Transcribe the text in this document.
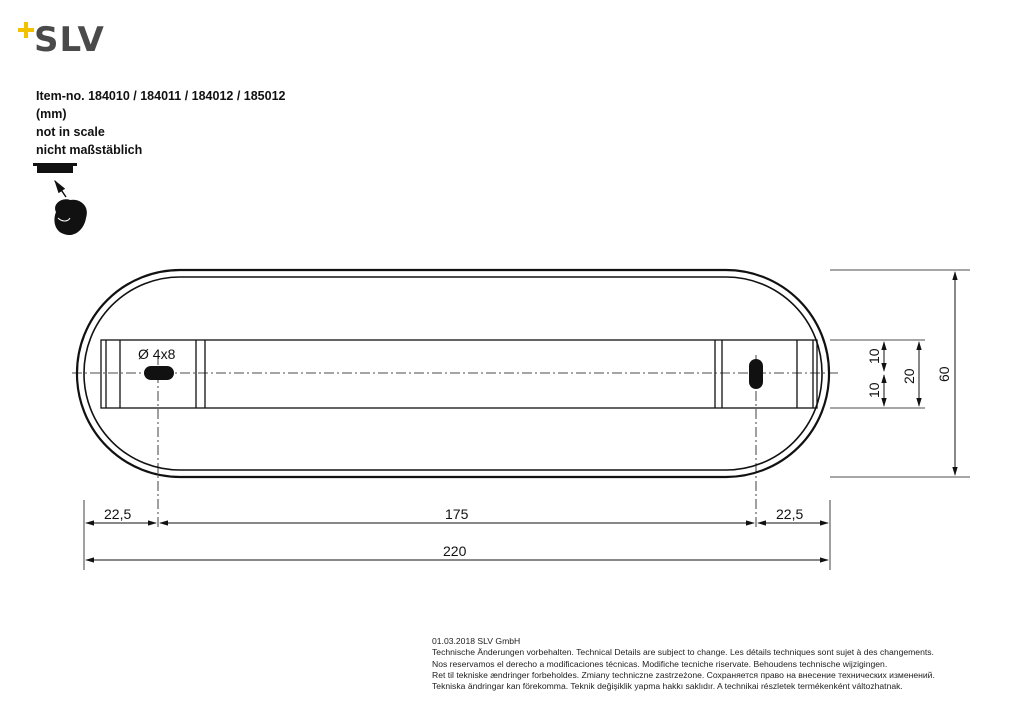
SLV
Item-no. 184010 / 184011 / 184012 / 185012
(mm)
not in scale
nicht maßstäblich
Ø 4x8	10
10
20 60
22,5	175	22,5
220
01.03.2018 SLV GmbH
Technische Änderungen vorbehalten. Technical Details are subject to change. Les détails techniques sont sujet à des changements.
Nos reservamos el derecho a modificaciones técnicas. Modifiche tecniche riservate. Behoudens technische wijzigingen.
Ret til tekniske ændringer forbeholdes. Zmiany techniczne zastrzeżone. Сохраняется право на внесение технических изменений.
Tekniska ändringar kan förekomma. Teknik değişiklik yapma hakkı saklıdır. A technikai részletek termékenként változhatnak.
